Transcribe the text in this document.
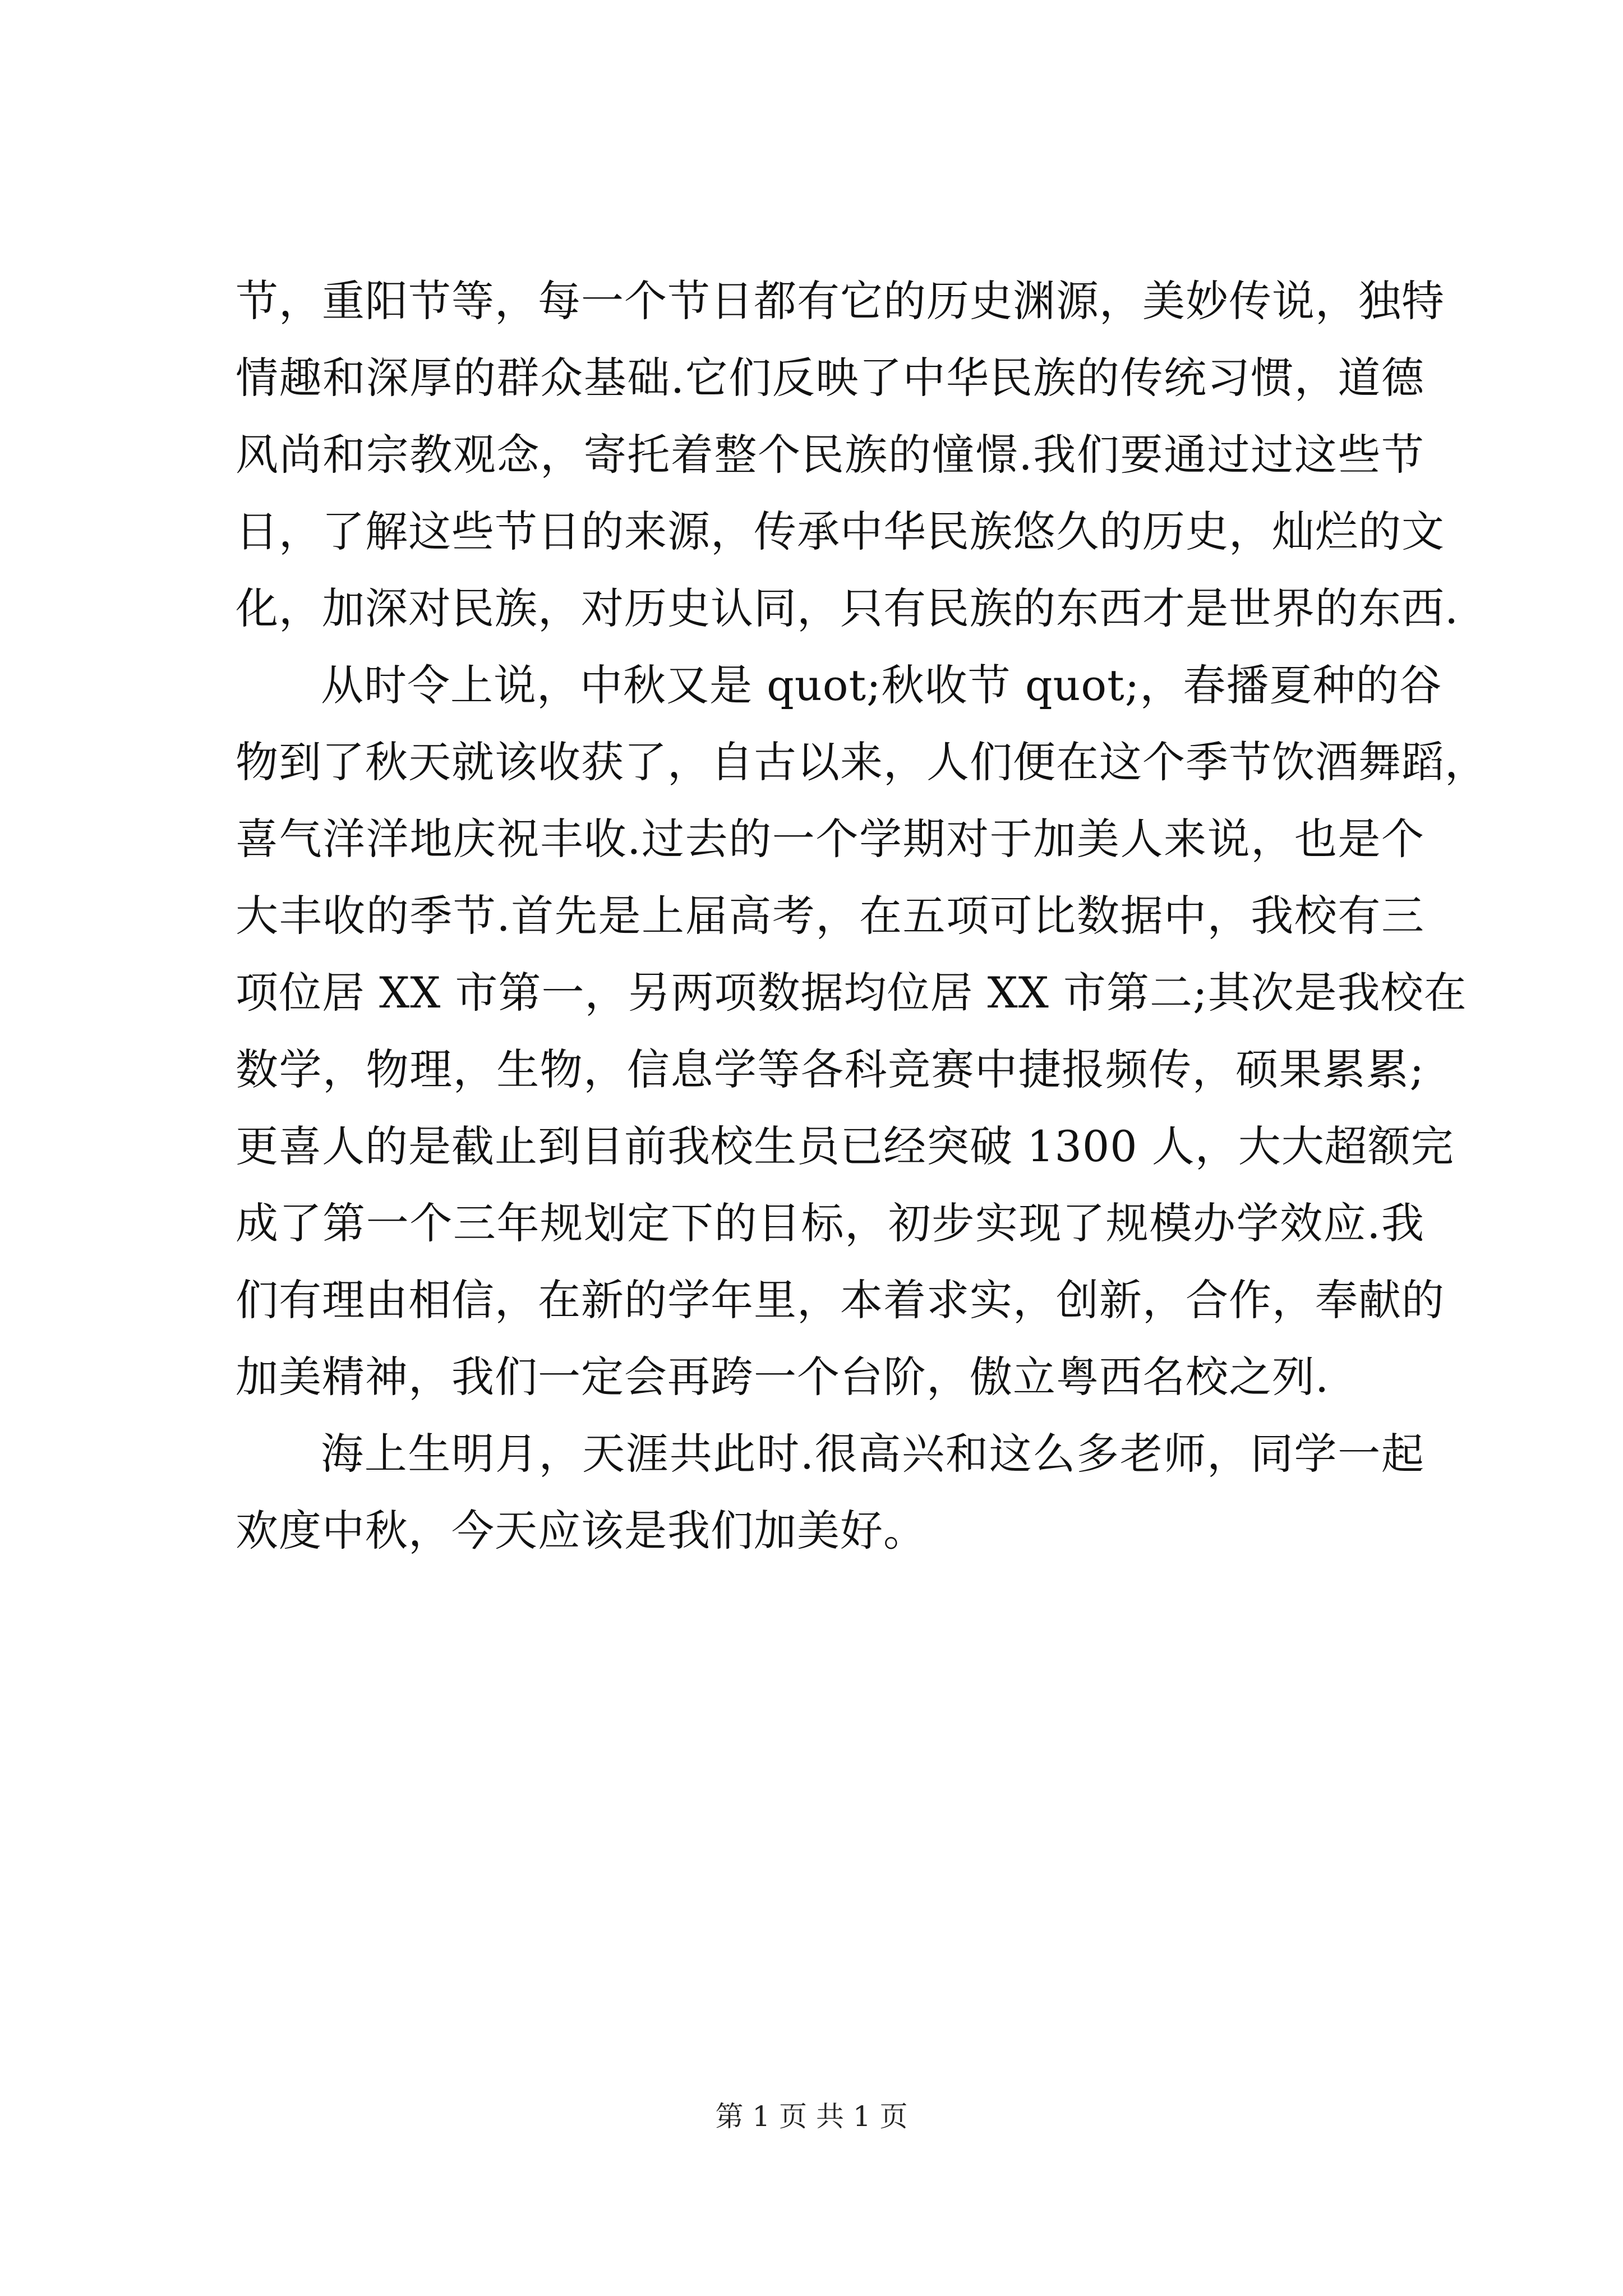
节，重阳节等，每一个节日都有它的历史渊源，美妙传说，独特
情趣和深厚的群众基础.它们反映了中华民族的传统习惯，道德
风尚和宗教观念，寄托着整个民族的憧憬.我们要通过过这些节
日，了解这些节日的来源，传承中华民族悠久的历史，灿烂的文
化，加深对民族，对历史认同，只有民族的东西才是世界的东西.
从时令上说，中秋又是 quot;秋收节 quot;，春播夏种的谷
物到了秋天就该收获了，自古以来，人们便在这个季节饮酒舞蹈，
喜气洋洋地庆祝丰收.过去的一个学期对于加美人来说，也是个
大丰收的季节.首先是上届高考，在五项可比数据中，我校有三
项位居 XX 市第一，另两项数据均位居 XX 市第二;其次是我校在
数学，物理，生物，信息学等各科竞赛中捷报频传，硕果累累;
更喜人的是截止到目前我校生员已经突破 1300 人，大大超额完
成了第一个三年规划定下的目标，初步实现了规模办学效应.我
们有理由相信，在新的学年里，本着求实，创新，合作，奉献的
加美精神，我们一定会再跨一个台阶，傲立粤西名校之列.
海上生明月，天涯共此时.很高兴和这么多老师，同学一起
欢度中秋，今天应该是我们加美好。
第 1 页 共 1 页
